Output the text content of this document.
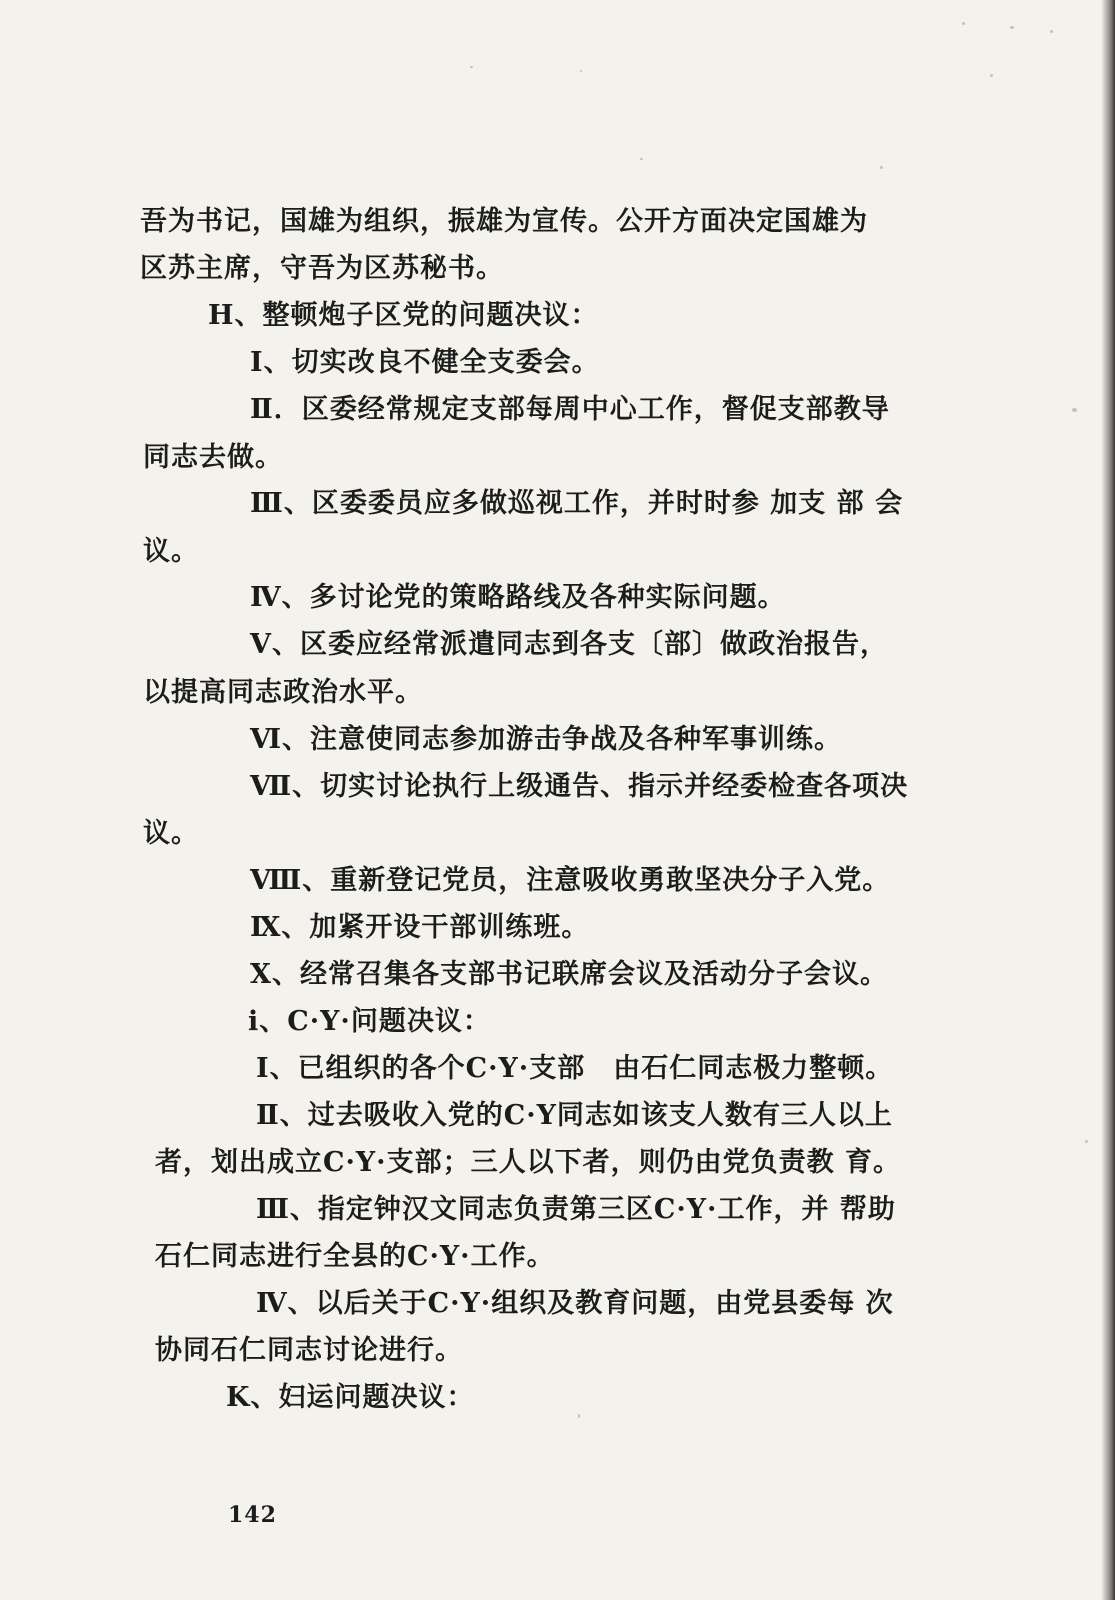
吾为书记，国雄为组织，振雄为宣传。公开方面决定国雄为
区苏主席，守吾为区苏秘书。
H、整顿炮子区党的问题决议：
Ⅰ、切实改良不健全支委会。
Ⅱ．区委经常规定支部每周中心工作，督促支部教导
同志去做。
Ⅲ、区委委员应多做巡视工作，并时时参 加支 部 会
议。
Ⅳ、多讨论党的策略路线及各种实际问题。
Ⅴ、区委应经常派遣同志到各支〔部〕做政治报告，
以提高同志政治水平。
Ⅵ、注意使同志参加游击争战及各种军事训练。
Ⅶ、切实讨论执行上级通告、指示并经委检查各项决
议。
Ⅷ、重新登记党员，注意吸收勇敢坚决分子入党。
Ⅸ、加紧开设干部训练班。
Ⅹ、经常召集各支部书记联席会议及活动分子会议。
i、C·Y·问题决议：
Ⅰ、已组织的各个C·Y·支部　由石仁同志极力整顿。
Ⅱ、过去吸收入党的C·Y同志如该支人数有三人以上
者，划出成立C·Y·支部；三人以下者，则仍由党负责教 育。
Ⅲ、指定钟汉文同志负责第三区C·Y·工作，并 帮助
石仁同志进行全县的C·Y·工作。
Ⅳ、以后关于C·Y·组织及教育问题，由党县委每 次
协同石仁同志讨论进行。
K、妇运问题决议：
142
